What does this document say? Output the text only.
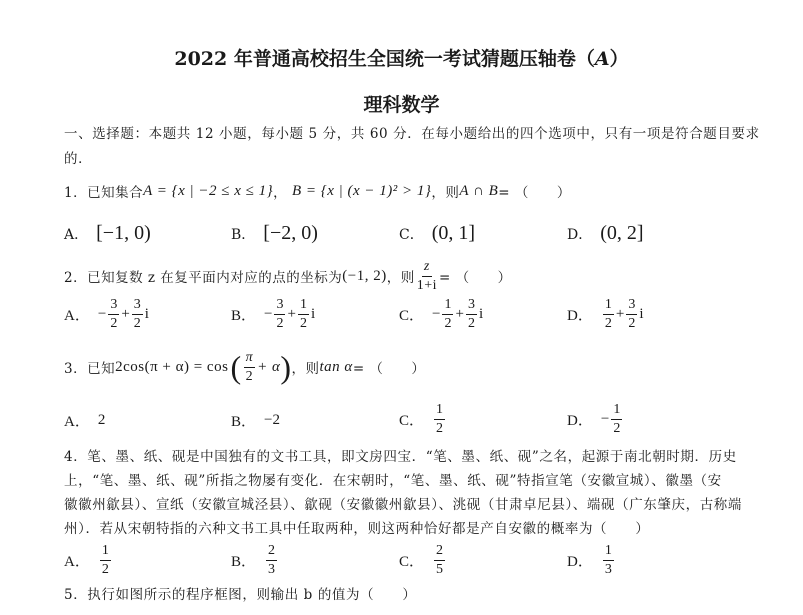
2022 年普通高校招生全国统一考试猜题压轴卷（A）
理科数学
一、选择题：本题共 12 小题，每小题 5 分，共 60 分．在每小题给出的四个选项中，只有一项是符合题目要求
的．
1． 已知集合 A = {x | −2 ≤ x ≤ 1} ， B = {x | (x − 1)² > 1} ，则 A ∩ B = （　　）
A． [−1, 0)	B． [−2, 0)	C． (0, 1]	D． (0, 2]
2． 已知复数 z 在复平面内对应的点的坐标为 (−1, 2) ，则 $\frac{z}{1+i}$ = （　　）
A． − $\frac{3}{2} + \frac{3}{2}$ i	B． − $\frac{3}{2} + \frac{1}{2}$ i	C． − $\frac{1}{2} + \frac{3}{2}$ i	D． $\frac{1}{2} + \frac{3}{2}$ i
3． 已知 2cos(π + α) = cos ( $\frac{\pi}{2} + \alpha$ ) ，则 tan α = （　　）
A． 2	B． −2	C． $\frac{1}{2}$	D． − $\frac{1}{2}$
4．笔、墨、纸、砚是中国独有的文书工具，即文房四宝．“笔、墨、纸、砚”之名，起源于南北朝时期．历史
上，“笔、墨、纸、砚”所指之物屡有变化．在宋朝时，“笔、墨、纸、砚”特指宣笔（安徽宣城）、徽墨（安
徽徽州歙县）、宣纸（安徽宣城泾县）、歙砚（安徽徽州歙县）、洮砚（甘肃卓尼县）、端砚（广东肇庆，古称端
州）．若从宋朝特指的六种文书工具中任取两种，则这两种恰好都是产自安徽的概率为（　　）
A． $\frac{1}{2}$	B． $\frac{2}{3}$	C． $\frac{2}{5}$	D． $\frac{1}{3}$
5．执行如图所示的程序框图，则输出 b 的值为（　　）
